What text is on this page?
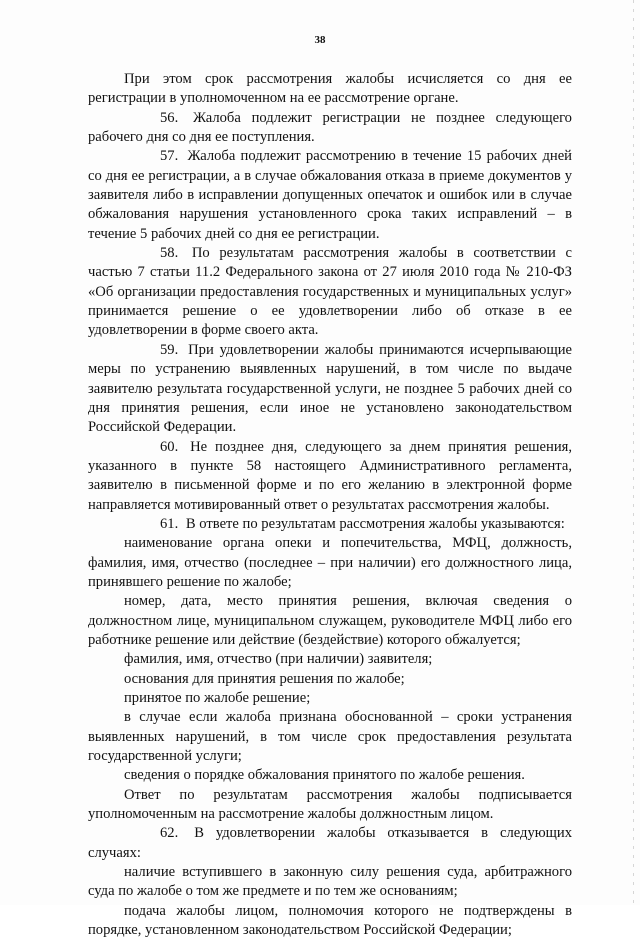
38

При этом срок рассмотрения жалобы исчисляется со дня ее регистрации в уполномоченном на ее рассмотрение органе.

56. Жалоба подлежит регистрации не позднее следующего рабочего дня со дня ее поступления.

57. Жалоба подлежит рассмотрению в течение 15 рабочих дней со дня ее регистрации, а в случае обжалования отказа в приеме документов у заявителя либо в исправлении допущенных опечаток и ошибок или в случае обжалования нарушения установленного срока таких исправлений – в течение 5 рабочих дней со дня ее регистрации.

58. По результатам рассмотрения жалобы в соответствии с частью 7 статьи 11.2 Федерального закона от 27 июля 2010 года № 210-ФЗ «Об организации предоставления государственных и муниципальных услуг» принимается решение о ее удовлетворении либо об отказе в ее удовлетворении в форме своего акта.

59. При удовлетворении жалобы принимаются исчерпывающие меры по устранению выявленных нарушений, в том числе по выдаче заявителю результата государственной услуги, не позднее 5 рабочих дней со дня принятия решения, если иное не установлено законодательством Российской Федерации.

60. Не позднее дня, следующего за днем принятия решения, указанного в пункте 58 настоящего Административного регламента, заявителю в письменной форме и по его желанию в электронной форме направляется мотивированный ответ о результатах рассмотрения жалобы.

61. В ответе по результатам рассмотрения жалобы указываются:

наименование органа опеки и попечительства, МФЦ, должность, фамилия, имя, отчество (последнее – при наличии) его должностного лица, принявшего решение по жалобе;

номер, дата, место принятия решения, включая сведения о должностном лице, муниципальном служащем, руководителе МФЦ либо его работнике решение или действие (бездействие) которого обжалуется;

фамилия, имя, отчество (при наличии) заявителя;

основания для принятия решения по жалобе;

принятое по жалобе решение;

в случае если жалоба признана обоснованной – сроки устранения выявленных нарушений, в том числе срок предоставления результата государственной услуги;

сведения о порядке обжалования принятого по жалобе решения.

Ответ по результатам рассмотрения жалобы подписывается уполномоченным на рассмотрение жалобы должностным лицом.

62. В удовлетворении жалобы отказывается в следующих случаях:

наличие вступившего в законную силу решения суда, арбитражного суда по жалобе о том же предмете и по тем же основаниям;

подача жалобы лицом, полномочия которого не подтверждены в порядке, установленном законодательством Российской Федерации;
